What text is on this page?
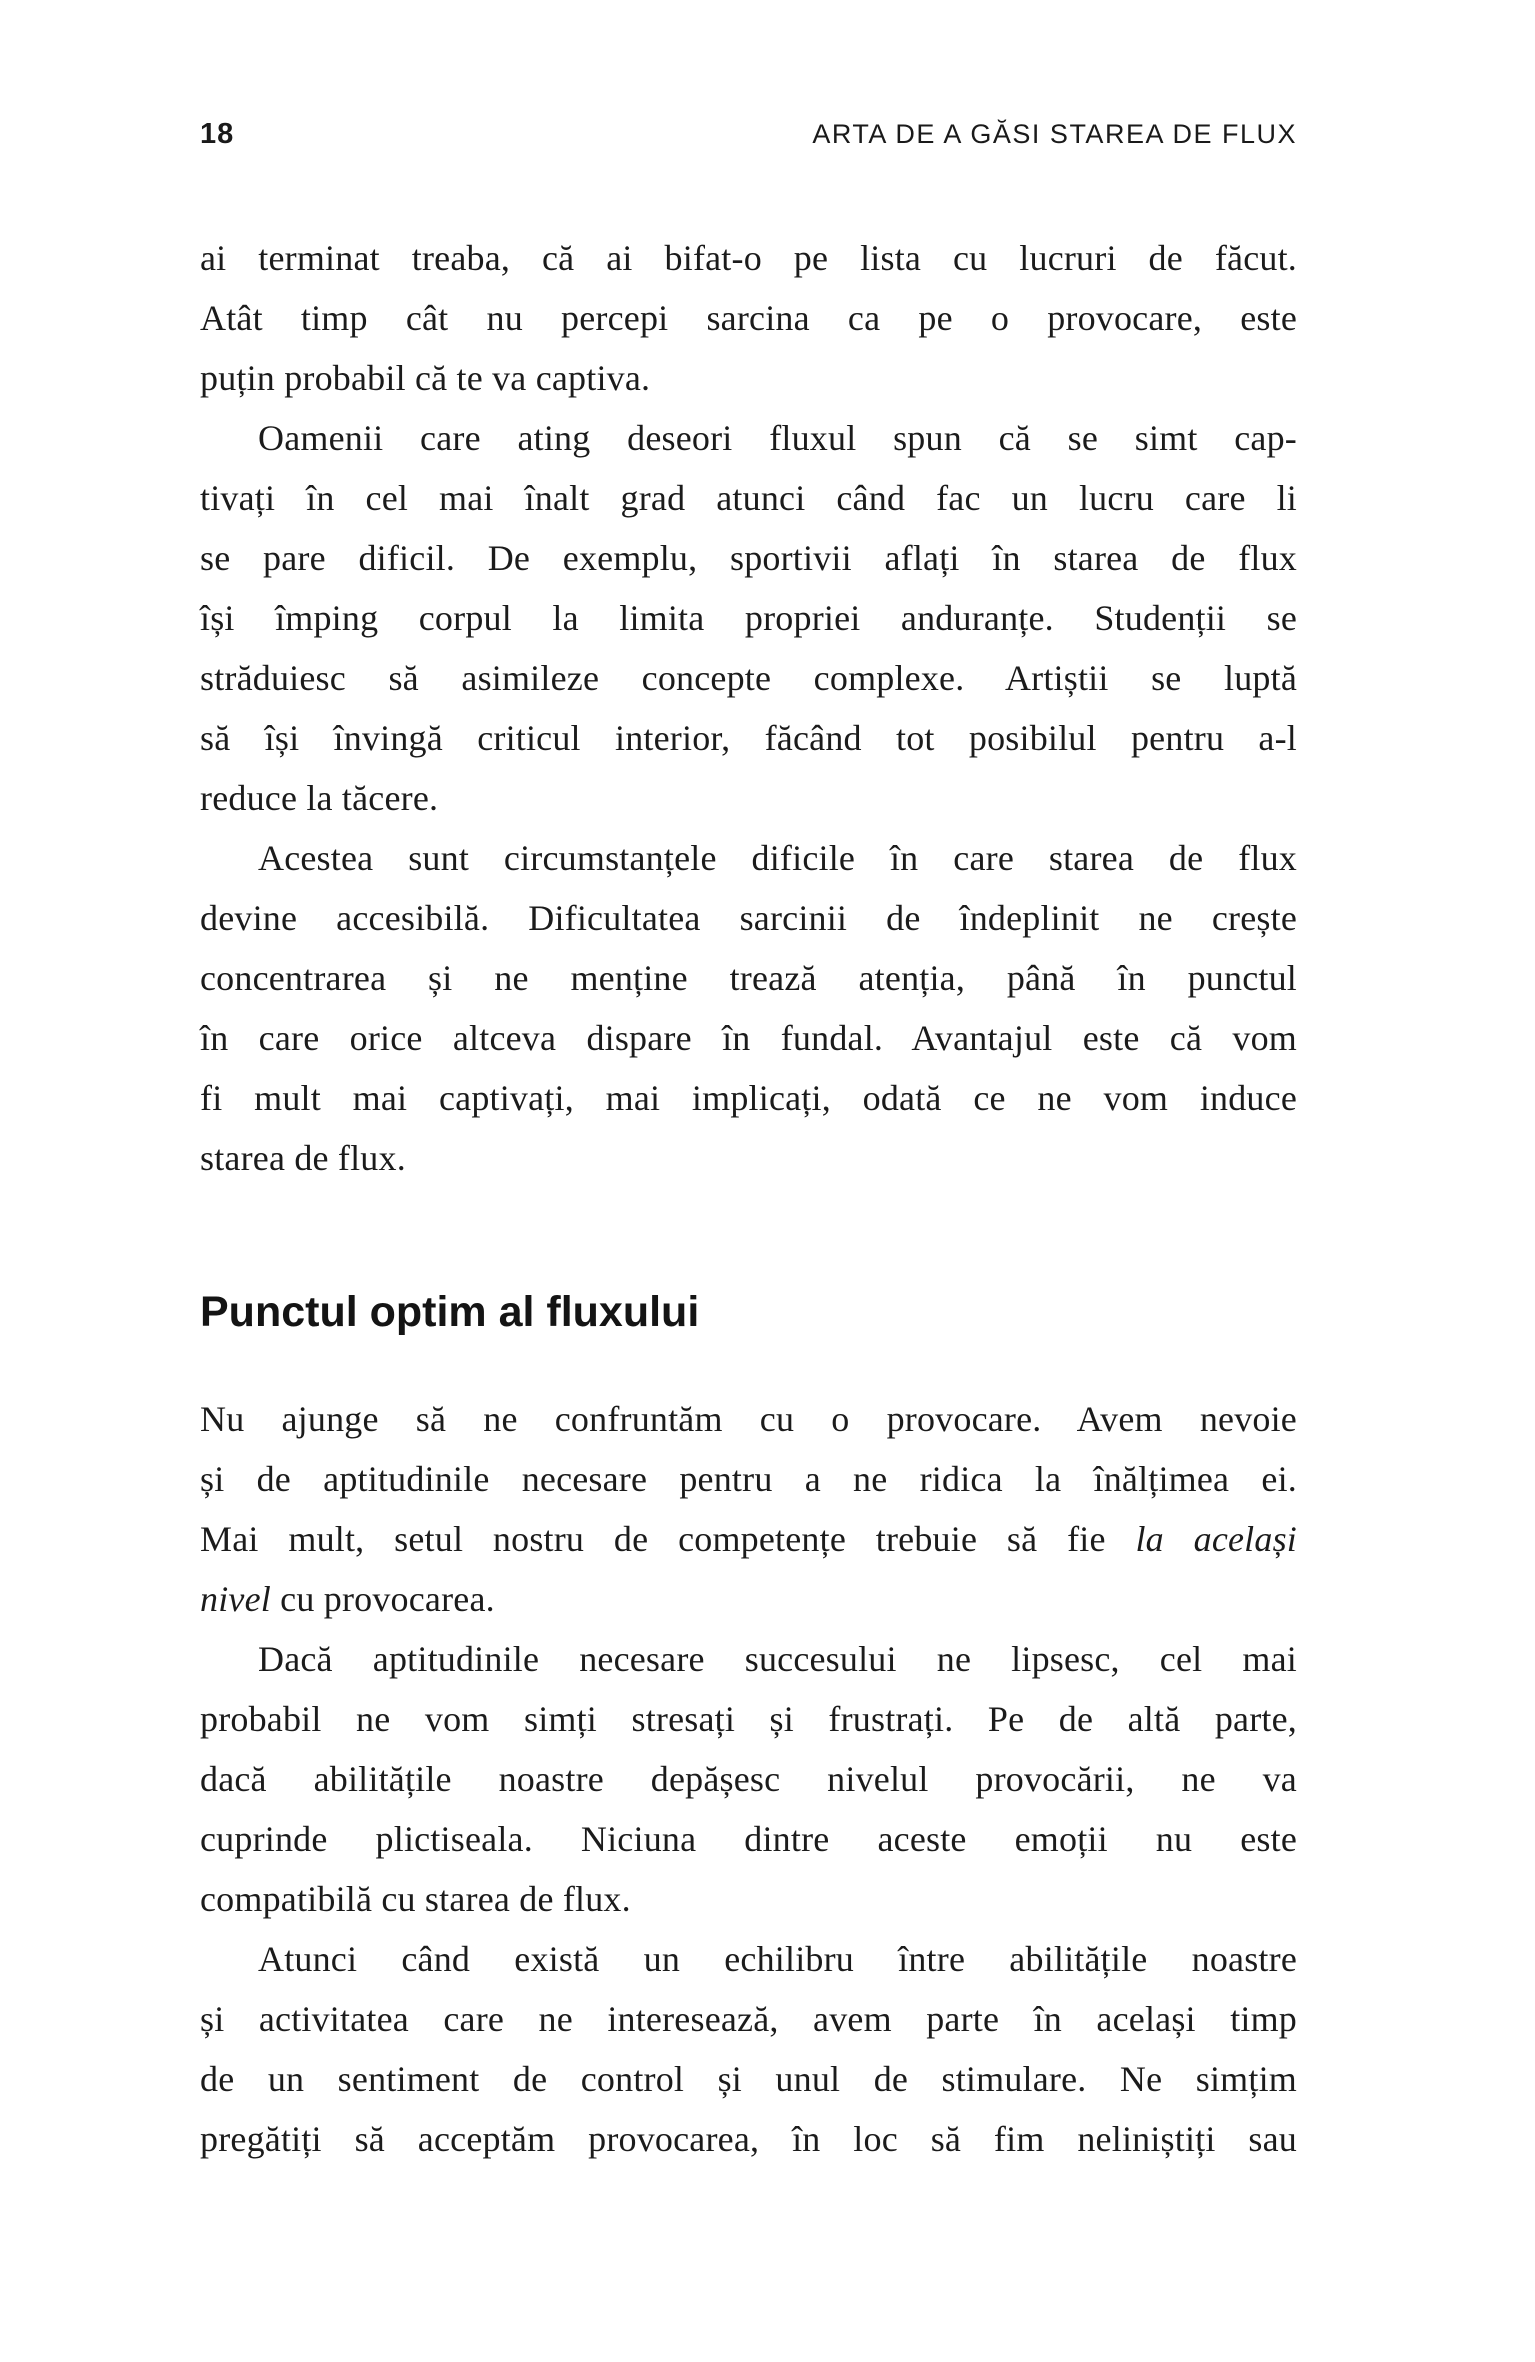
18	ARTA DE A GĂSI STAREA DE FLUX
ai terminat treaba, că ai bifat-o pe lista cu lucruri de făcut.
Atât timp cât nu percepi sarcina ca pe o provocare, este
puțin probabil că te va captiva.
Oamenii care ating deseori fluxul spun că se simt cap-
tivați în cel mai înalt grad atunci când fac un lucru care li
se pare dificil. De exemplu, sportivii aflați în starea de flux
își împing corpul la limita propriei anduranțe. Studenții se
străduiesc să asimileze concepte complexe. Artiștii se luptă
să își învingă criticul interior, făcând tot posibilul pentru a-l
reduce la tăcere.
Acestea sunt circumstanțele dificile în care starea de flux
devine accesibilă. Dificultatea sarcinii de îndeplinit ne crește
concentrarea și ne menține trează atenția, până în punctul
în care orice altceva dispare în fundal. Avantajul este că vom
fi mult mai captivați, mai implicați, odată ce ne vom induce
starea de flux.
Punctul optim al fluxului
Nu ajunge să ne confruntăm cu o provocare. Avem nevoie
și de aptitudinile necesare pentru a ne ridica la înălțimea ei.
Mai mult, setul nostru de competențe trebuie să fie la același
nivel cu provocarea.
Dacă aptitudinile necesare succesului ne lipsesc, cel mai
probabil ne vom simți stresați și frustrați. Pe de altă parte,
dacă abilitățile noastre depășesc nivelul provocării, ne va
cuprinde plictiseala. Niciuna dintre aceste emoții nu este
compatibilă cu starea de flux.
Atunci când există un echilibru între abilitățile noastre
și activitatea care ne interesează, avem parte în același timp
de un sentiment de control și unul de stimulare. Ne simțim
pregătiți să acceptăm provocarea, în loc să fim neliniștiți sau
